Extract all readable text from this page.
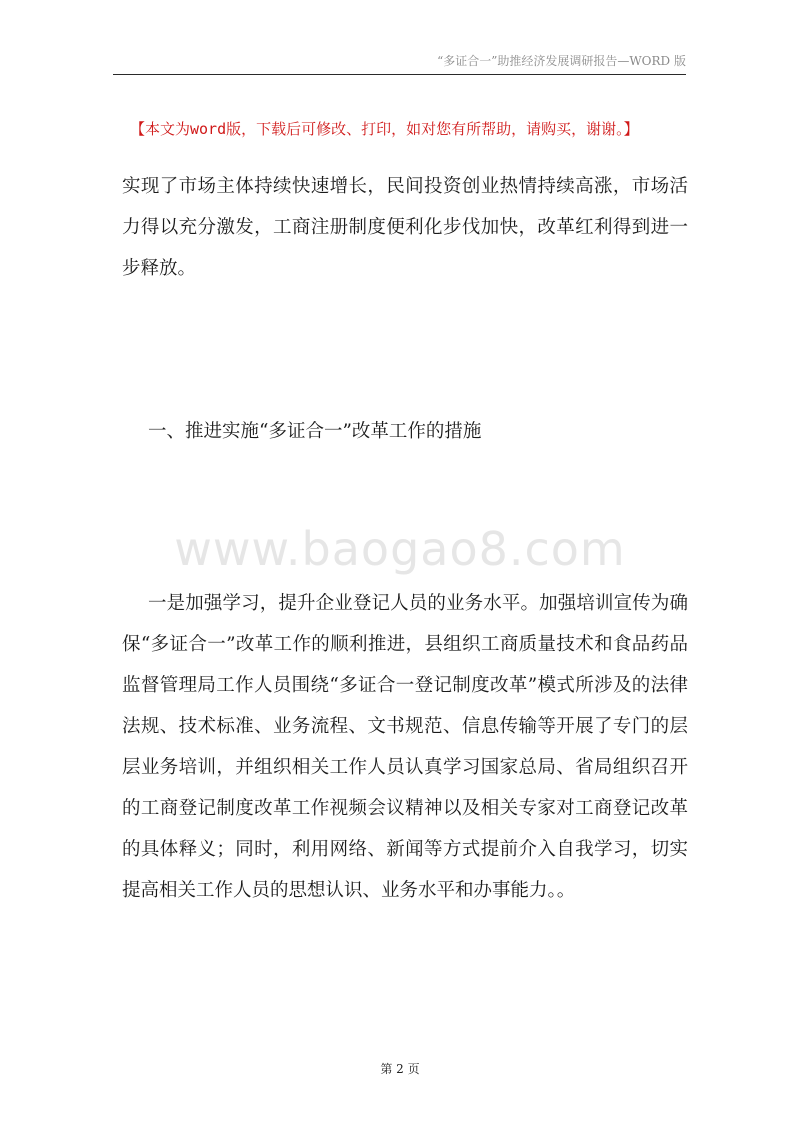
“多证合一”助推经济发展调研报告—WORD 版
【本文为word版，下载后可修改、打印，如对您有所帮助，请购买，谢谢。】

实现了市场主体持续快速增长，民间投资创业热情持续高涨，市场活力得以充分激发，工商注册制度便利化步伐加快，改革红利得到进一步释放。

一、推进实施“多证合一”改革工作的措施
www.baogao8.com

一是加强学习，提升企业登记人员的业务水平。加强培训宣传为确保“多证合一”改革工作的顺利推进，县组织工商质量技术和食品药品监督管理局工作人员围绕“多证合一登记制度改革”模式所涉及的法律法规、技术标准、业务流程、文书规范、信息传输等开展了专门的层层业务培训，并组织相关工作人员认真学习国家总局、省局组织召开的工商登记制度改革工作视频会议精神以及相关专家对工商登记改革的具体释义；同时，利用网络、新闻等方式提前介入自我学习，切实提高相关工作人员的思想认识、业务水平和办事能力。。

第 2 页
